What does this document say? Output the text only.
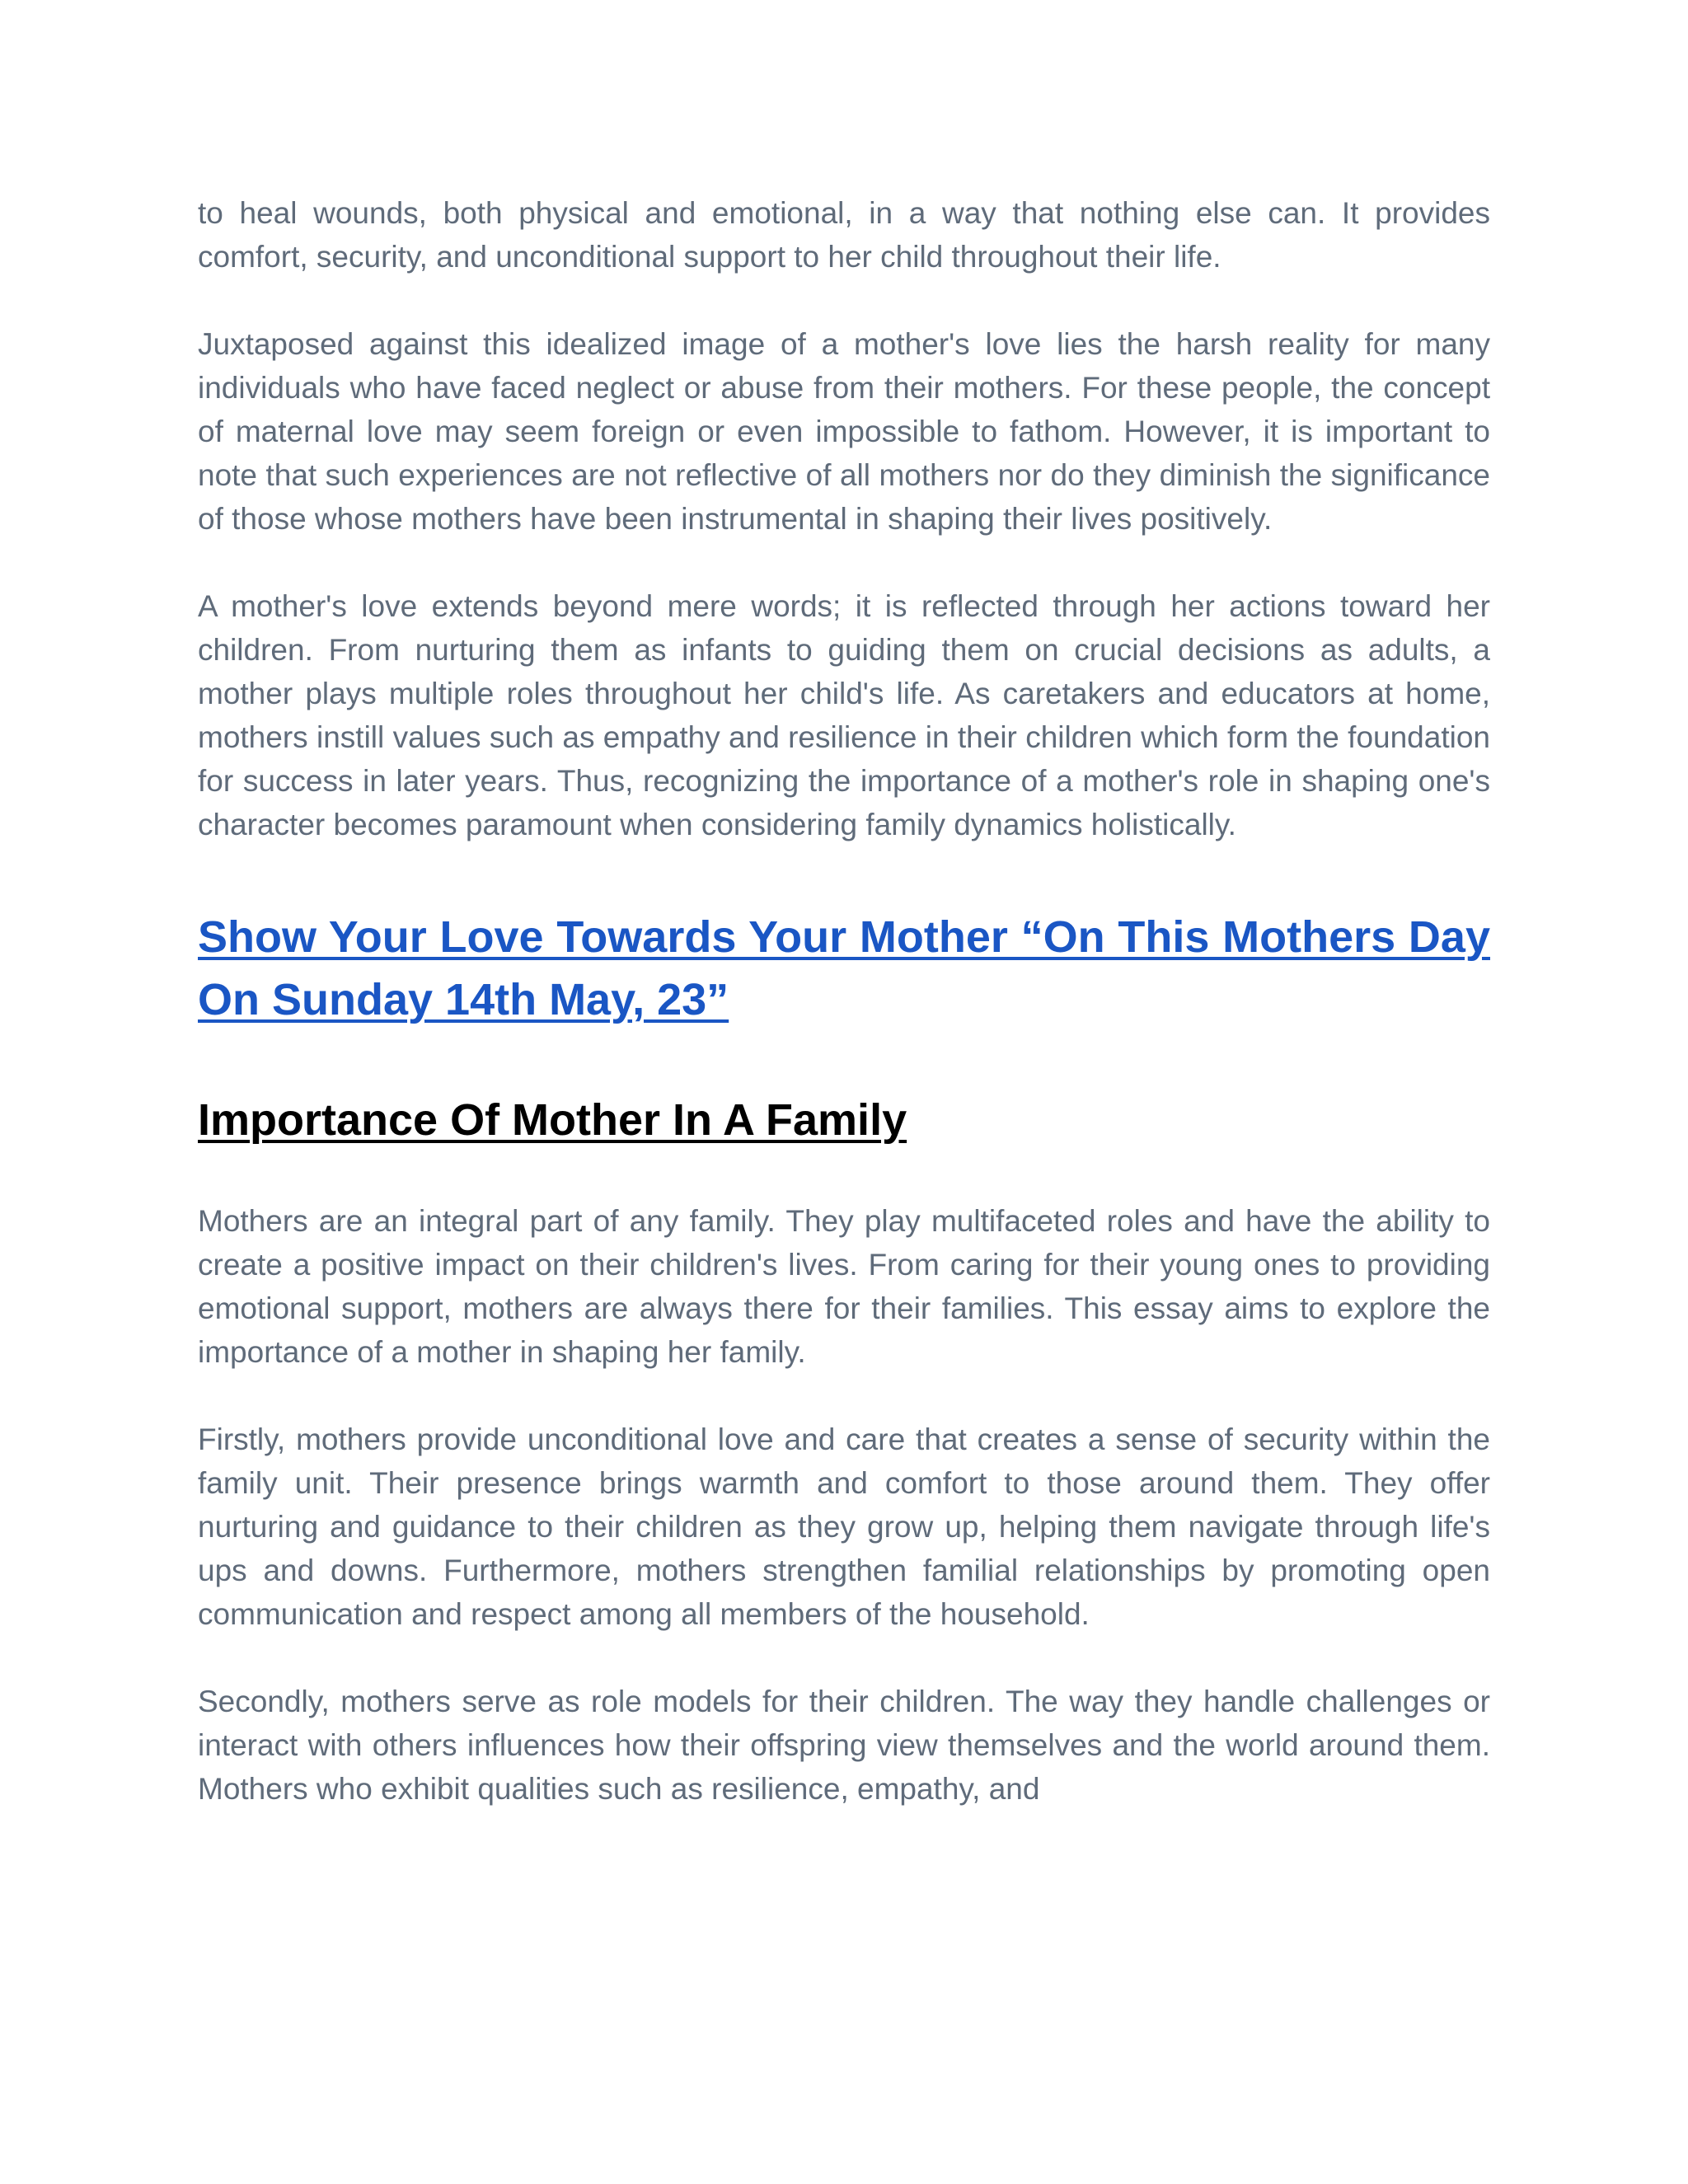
to heal wounds, both physical and emotional, in a way that nothing else can. It provides comfort, security, and unconditional support to her child throughout their life.

Juxtaposed against this idealized image of a mother's love lies the harsh reality for many individuals who have faced neglect or abuse from their mothers. For these people, the concept of maternal love may seem foreign or even impossible to fathom. However, it is important to note that such experiences are not reflective of all mothers nor do they diminish the significance of those whose mothers have been instrumental in shaping their lives positively.

A mother's love extends beyond mere words; it is reflected through her actions toward her children. From nurturing them as infants to guiding them on crucial decisions as adults, a mother plays multiple roles throughout her child's life. As caretakers and educators at home, mothers instill values such as empathy and resilience in their children which form the foundation for success in later years. Thus, recognizing the importance of a mother's role in shaping one's character becomes paramount when considering family dynamics holistically.

Show Your Love Towards Your Mother “On This Mothers Day On Sunday 14th May, 23”
Importance Of Mother In A Family

Mothers are an integral part of any family. They play multifaceted roles and have the ability to create a positive impact on their children's lives. From caring for their young ones to providing emotional support, mothers are always there for their families. This essay aims to explore the importance of a mother in shaping her family.

Firstly, mothers provide unconditional love and care that creates a sense of security within the family unit. Their presence brings warmth and comfort to those around them. They offer nurturing and guidance to their children as they grow up, helping them navigate through life's ups and downs. Furthermore, mothers strengthen familial relationships by promoting open communication and respect among all members of the household.

Secondly, mothers serve as role models for their children. The way they handle challenges or interact with others influences how their offspring view themselves and the world around them. Mothers who exhibit qualities such as resilience, empathy, and
